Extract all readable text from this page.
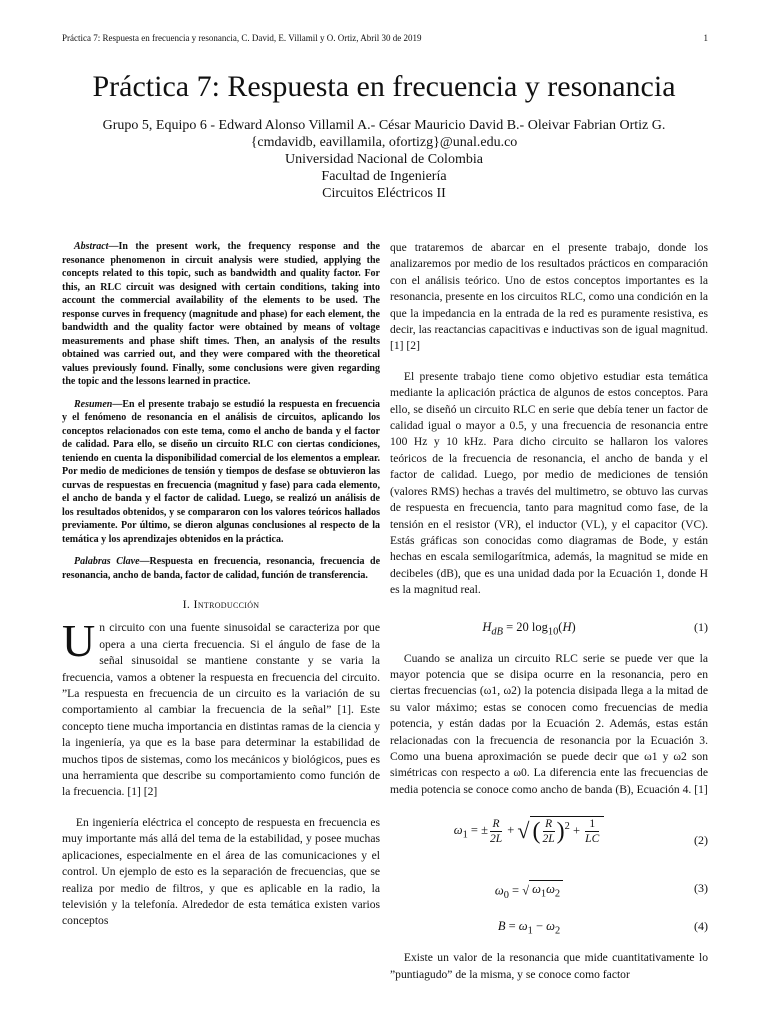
Práctica 7: Respuesta en frecuencia y resonancia, C. David, E. Villamil y O. Ortiz, Abril 30 de 2019	1
Práctica 7: Respuesta en frecuencia y resonancia
Grupo 5, Equipo 6 - Edward Alonso Villamil A.- César Mauricio David B.- Oleivar Fabrian Ortiz G.
{cmdavidb, eavillamila, ofortizg}@unal.edu.co
Universidad Nacional de Colombia
Facultad de Ingeniería
Circuitos Eléctricos II

Abstract—In the present work, the frequency response and the resonance phenomenon in circuit analysis were studied, applying the concepts related to this topic, such as bandwidth and quality factor. For this, an RLC circuit was designed with certain conditions, taking into account the commercial availability of the elements to be used. The response curves in frequency (magnitude and phase) for each element, the bandwidth and the quality factor were obtained by means of voltage measurements and phase shift times. Then, an analysis of the results obtained was carried out, and they were compared with the theoretical values previously found. Finally, some conclusions were given regarding the topic and the lessons learned in practice.

Resumen—En el presente trabajo se estudió la respuesta en frecuencia y el fenómeno de resonancia en el análisis de circuitos, aplicando los conceptos relacionados con este tema, como el ancho de banda y el factor de calidad. Para ello, se diseño un circuito RLC con ciertas condiciones, teniendo en cuenta la disponibilidad comercial de los elementos a emplear. Por medio de mediciones de tensión y tiempos de desfase se obtuvieron las curvas de respuestas en frecuencia (magnitud y fase) para cada elemento, el ancho de banda y el factor de calidad. Luego, se realizó un análisis de los resultados obtenidos, y se compararon con los valores teóricos hallados previamente. Por último, se dieron algunas conclusiones al respecto de la temática y los aprendizajes obtenidos en la práctica.

Palabras Clave—Respuesta en frecuencia, resonancia, frecuencia de resonancia, ancho de banda, factor de calidad, función de transferencia.

I. Introducción

Un circuito con una fuente sinusoidal se caracteriza por que opera a una cierta frecuencia. Si el ángulo de fase de la señal sinusoidal se mantiene constante y se varia la frecuencia, vamos a obtener la respuesta en frecuencia del circuito. ”La respuesta en frecuencia de un circuito es la variación de su comportamiento al cambiar la frecuencia de la señal” [1]. Este concepto tiene mucha importancia en distintas ramas de la ciencia y la ingeniería, ya que es la base para determinar la estabilidad de muchos tipos de sistemas, como los mecánicos y biológicos, pues es una herramienta que describe su comportamiento como función de la frecuencia. [1] [2]

En ingeniería eléctrica el concepto de respuesta en frecuencia es muy importante más allá del tema de la estabilidad, y posee muchas aplicaciones, especialmente en el área de las comunicaciones y el control. Un ejemplo de esto es la separación de frecuencias, que se realiza por medio de filtros, y que es aplicable en la radio, la televisión y la telefonía. Alrededor de esta temática existen varios conceptos

que trataremos de abarcar en el presente trabajo, donde los analizaremos por medio de los resultados prácticos en comparación con el análisis teórico. Uno de estos conceptos importantes es la resonancia, presente en los circuitos RLC, como una condición en la que la impedancia en la entrada de la red es puramente resistiva, es decir, las reactancias capacitivas e inductivas son de igual magnitud. [1] [2]

El presente trabajo tiene como objetivo estudiar esta temática mediante la aplicación práctica de algunos de estos conceptos. Para ello, se diseñó un circuito RLC en serie que debía tener un factor de calidad igual o mayor a 0.5, y una frecuencia de resonancia entre 100 Hz y 10 kHz. Para dicho circuito se hallaron los valores teóricos de la frecuencia de resonancia, el ancho de banda y el factor de calidad. Luego, por medio de mediciones de tensión (valores RMS) hechas a través del multimetro, se obtuvo las curvas de respuesta en frecuencia, tanto para magnitud como fase, de la tensión en el resistor (VR), el inductor (VL), y el capacitor (VC). Estás gráficas son conocidas como diagramas de Bode, y están hechas en escala semilogarítmica, además, la magnitud se mide en decibeles (dB), que es una unidad dada por la Ecuación 1, donde H es la magnitud real.

$H_{dB} = 20$ $\log_{10}(H)$	(1)

Cuando se analiza un circuito RLC serie se puede ver que la mayor potencia que se disipa ocurre en la resonancia, pero en ciertas frecuencias (ω1, ω2) la potencia disipada llega a la mitad de su valor máximo; estas se conocen como frecuencias de media potencia, y están dadas por la Ecuación 2. Además, estas están relacionadas con la frecuencia de resonancia por la Ecuación 3. Como una buena aproximación se puede decir que ω1 y ω2 son simétricas con respecto a ω0. La diferencia ente las frecuencias de media potencia se conoce como ancho de banda (B), Ecuación 4. [1]

$\omega_1$ = ± $\frac{R}{2L}$ + √ ( $\frac{R}{2L} )^2 + \frac{1}{LC}$	(2)
$\omega_0$ = √ $\omega_1\omega_2$	(3)
$B = \omega_1 - \omega_2$	(4)

Existe un valor de la resonancia que mide cuantitativamente lo ”puntiagudo” de la misma, y se conoce como factor
